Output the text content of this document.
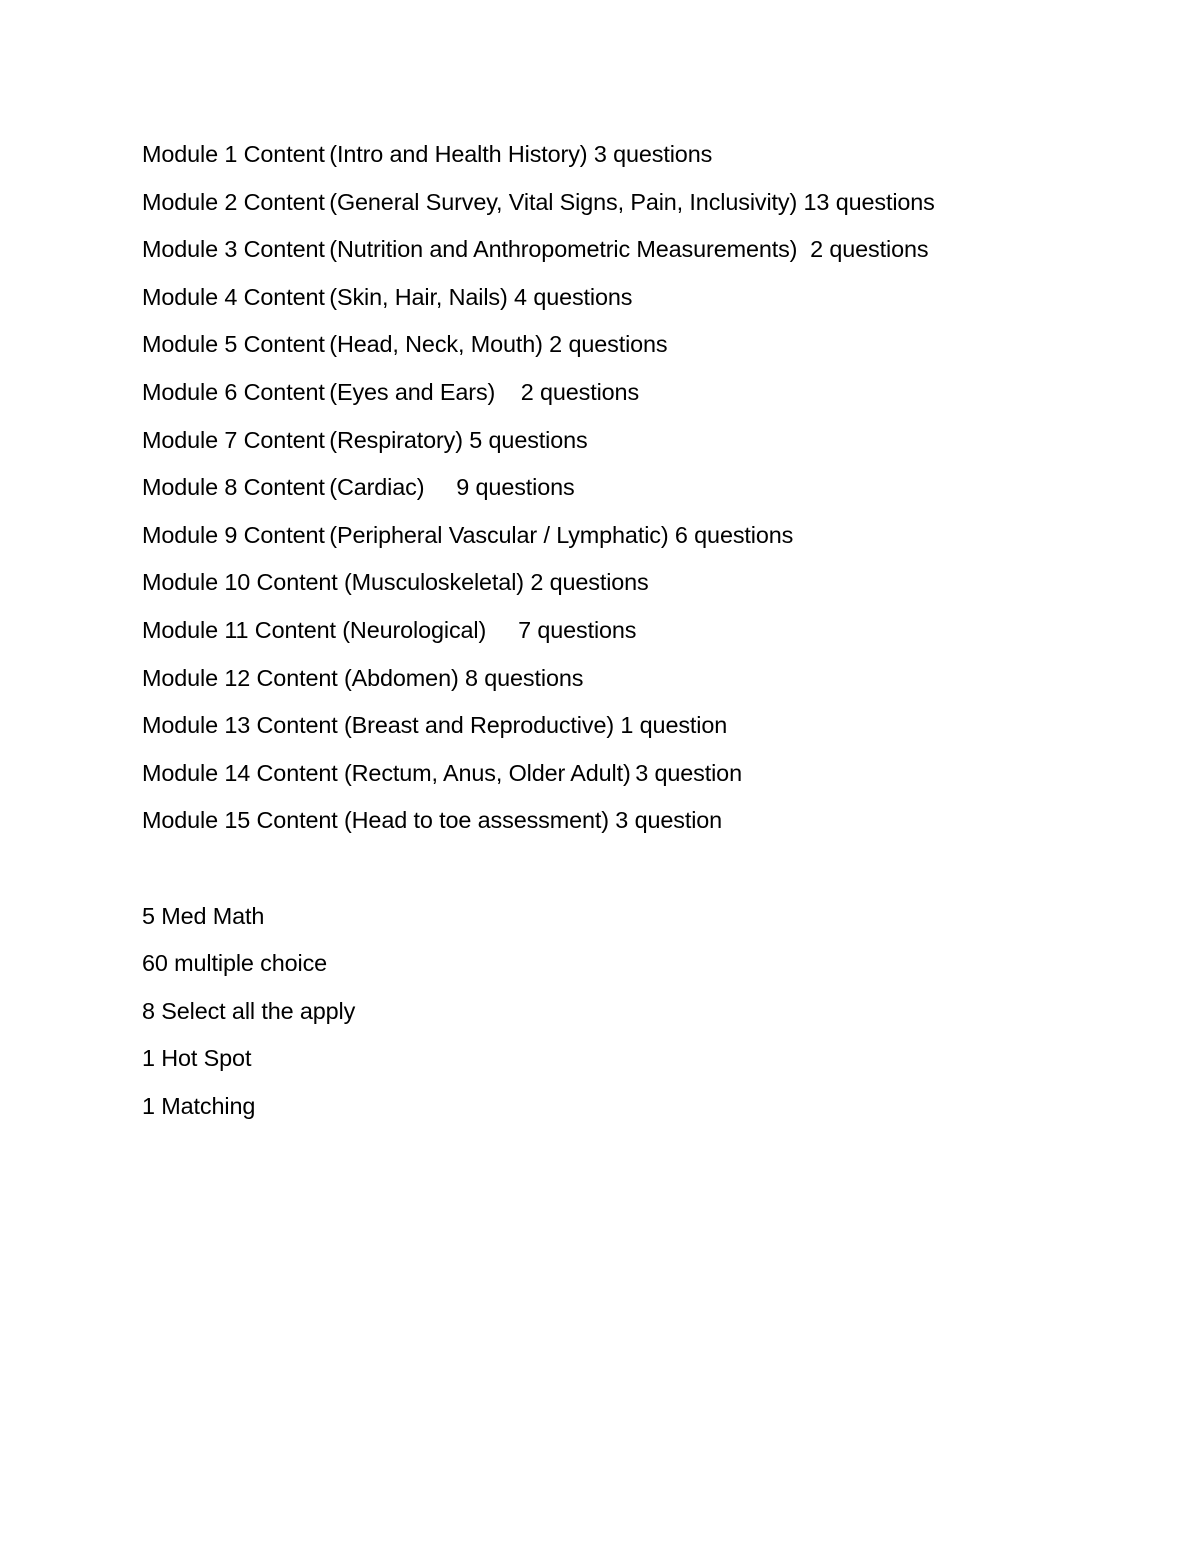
Module 1 Content (Intro and Health History) 3 questions
Module 2 Content (General Survey, Vital Signs, Pain, Inclusivity) 13 questions
Module 3 Content (Nutrition and Anthropometric Measurements)  2 questions
Module 4 Content (Skin, Hair, Nails) 4 questions
Module 5 Content (Head, Neck, Mouth) 2 questions
Module 6 Content (Eyes and Ears)    2 questions
Module 7 Content (Respiratory) 5 questions
Module 8 Content (Cardiac)     9 questions
Module 9 Content (Peripheral Vascular / Lymphatic) 6 questions
Module 10 Content (Musculoskeletal) 2 questions
Module 11 Content (Neurological)     7 questions
Module 12 Content (Abdomen) 8 questions
Module 13 Content (Breast and Reproductive) 1 question
Module 14 Content (Rectum, Anus, Older Adult) 3 question
Module 15 Content (Head to toe assessment) 3 question

5 Med Math
60 multiple choice
8 Select all the apply
1 Hot Spot
1 Matching
